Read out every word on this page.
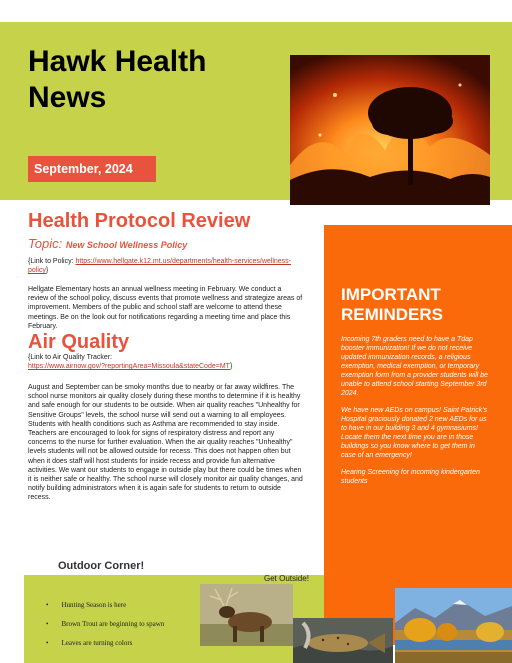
Hawk Health News
September, 2024
Health Protocol Review
Topic: New School Wellness Policy
{Link to Policy: https://www.hellgate.k12.mt.us/departments/health-services/wellness-policy}
Hellgate Elementary hosts an annual wellness meeting in February. We conduct a review of the school policy, discuss events that promote wellness and strategize areas of improvement. Members of the public and school staff are welcome to attend these meetings. Be on the look out for notifications regarding a meeting time and place this February.
Air Quality
{Link to Air Quality Tracker:
https://www.airnow.gov/?reportingArea=Missoula&stateCode=MT}
August and September can be smoky months due to nearby or far away wildfires. The school nurse monitors air quality closely during these months to determine if it is healthy and safe enough for our students to be outside. When air quality reaches "Unhealthy for Sensitive Groups" levels, the school nurse will send out a warning to all employees. Students with health conditions such as Asthma are recommended to stay inside. Teachers are encouraged to look for signs of respiratory distress and report any concerns to the nurse for further evaluation. When the air quality reaches "Unhealthy" levels students will not be allowed outside for recess. This does not happen often but when it does staff will host students for inside recess and provide fun alternative activities. We want our students to engage in outside play but there could be times when it is neither safe or healthy. The school nurse will closely monitor air quality changes, and notify building administrators when it is again safe for students to return to outside recess.
IMPORTANT REMINDERS
Incoming 7th graders need to have a Tdap booster immunization! If we do not receive updated immunization records, a religious exemption, medical exemption, or temporary exemption form from a provider students will be unable to attend school starting September 3rd 2024.
We have new AEDs on campus! Saint Patrick's Hospital graciously donated 2 new AEDs for us to have in our building 3 and 4 gymnasiums! Locate them the next time you are in those buildings so you know where to get them in case of an emergency!
Hearing Screening for incoming kindergarten students
Outdoor Corner!
Get Outside!
• Hunting Season is here
• Brown Trout are beginning to spawn
• Leaves are turning colors
